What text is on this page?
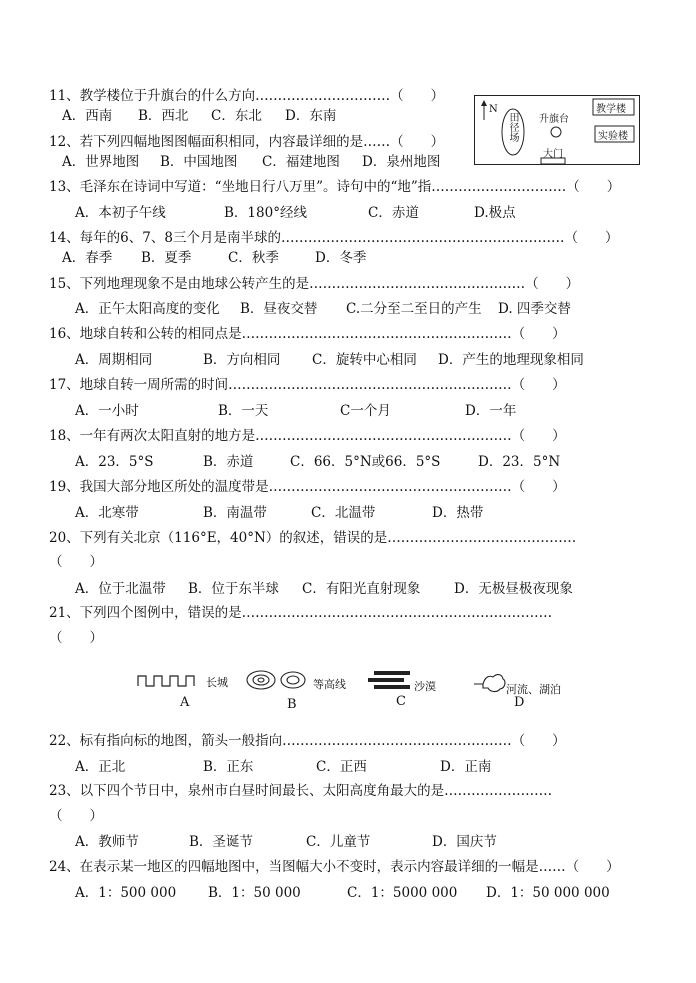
11、教学楼位于升旗台的什么方向…………………………（　　）
A．西南 B．西北 C．东北 D．东南	N
田径场 升旗台
教学楼
实验楼
大门
12、若下列四幅地图图幅面积相同，内容最详细的是……（　　）
A．世界地图 B．中国地图 C．福建地图 D．泉州地图
13、毛泽东在诗词中写道：“坐地日行八万里”。诗句中的“地”指…………………………（　　）
A．本初子午线	B．180°经线	C．赤道	D.极点
14、每年的6、7、8三个月是南半球的………………………………………………………（　　）
A．春季 B．夏季	C．秋季	D．冬季
15、下列地理现象不是由地球公转产生的是…………………………………………（　　）
A．正午太阳高度的变化 B．昼夜交替 C.二分至二至日的产生 D. 四季交替
16、地球自转和公转的相同点是……………………………………………………（　　）
A．周期相同	B．方向相同 C．旋转中心相同 D．产生的地理现象相同
17、地球自转一周所需的时间………………………………………………………（　　）
A．一小时	B．一天	C一个月	D．一年
18、一年有两次太阳直射的地方是…………………………………………………（　　）
A．23．5°S	B．赤道	C．66．5°N或66．5°S	D．23．5°N
19、我国大部分地区所处的温度带是………………………………………………（　　）
A．北寒带	B．南温带	C．北温带	D．热带
20、下列有关北京（116°E，40°N）的叙述，错误的是……………………………………
（　　）
A．位于北温带 B．位于东半球 C．有阳光直射现象 D．无极昼极夜现象
21、下列四个图例中，错误的是……………………………………………………………
（　　）
长城	等高线	沙漠	河流、湖泊
A	B	C	D
22、标有指向标的地图，箭头一般指向……………………………………………（　　）
A．正北	B．正东	C．正西	D．正南
23、以下四个节日中，泉州市白昼时间最长、太阳高度角最大的是……………………
（　　）
A．教师节	B．圣诞节	C．儿童节	D．国庆节
24、在表示某一地区的四幅地图中，当图幅大小不变时，表示内容最详细的一幅是……（　　）
A．1：500 000 B．1：50 000	C．1：5000 000 D．1：50 000 000
